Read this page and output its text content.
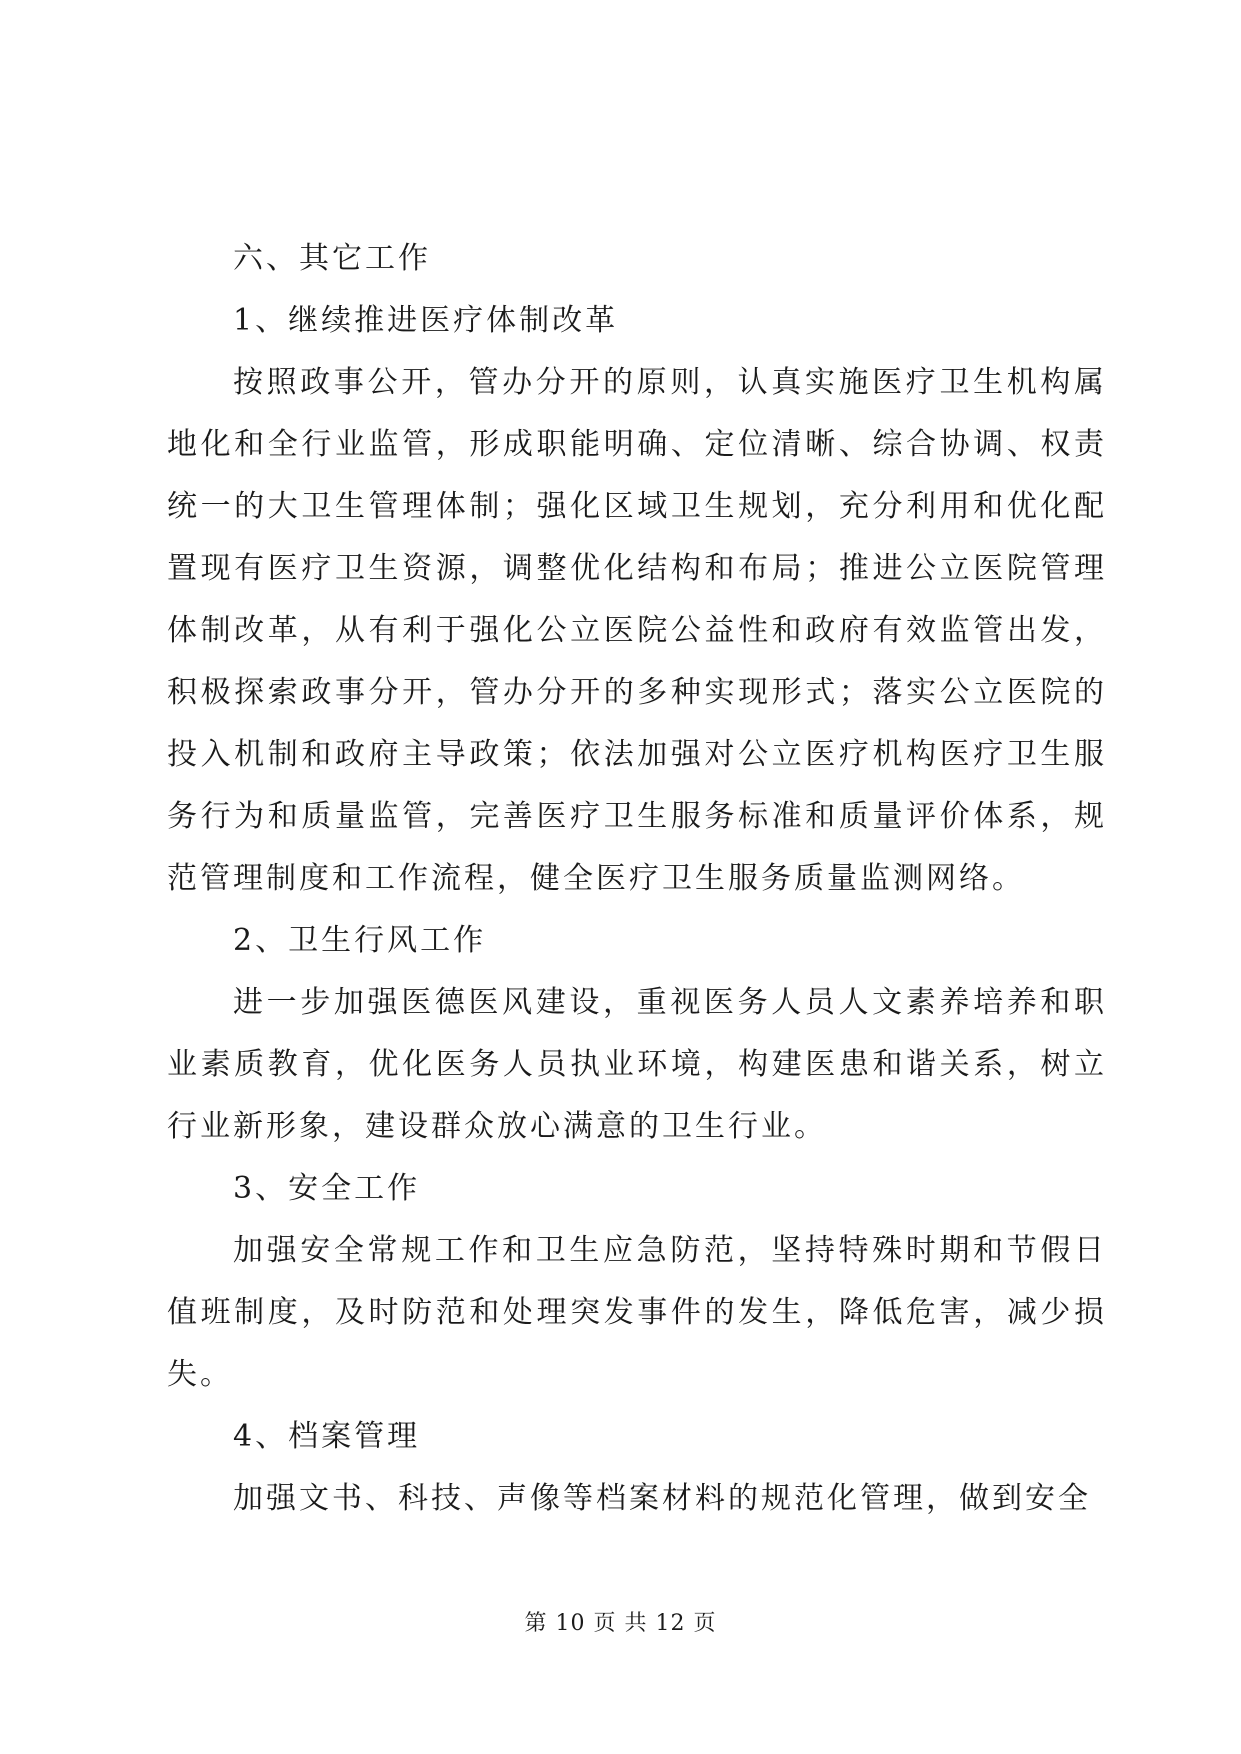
六、其它工作

1、继续推进医疗体制改革

按照政事公开，管办分开的原则，认真实施医疗卫生机构属地化和全行业监管，形成职能明确、定位清晰、综合协调、权责统一的大卫生管理体制；强化区域卫生规划，充分利用和优化配置现有医疗卫生资源，调整优化结构和布局；推进公立医院管理体制改革，从有利于强化公立医院公益性和政府有效监管出发，积极探索政事分开，管办分开的多种实现形式；落实公立医院的投入机制和政府主导政策；依法加强对公立医疗机构医疗卫生服务行为和质量监管，完善医疗卫生服务标准和质量评价体系，规范管理制度和工作流程，健全医疗卫生服务质量监测网络。

2、卫生行风工作

进一步加强医德医风建设，重视医务人员人文素养培养和职业素质教育，优化医务人员执业环境，构建医患和谐关系，树立行业新形象，建设群众放心满意的卫生行业。

3、安全工作

加强安全常规工作和卫生应急防范，坚持特殊时期和节假日值班制度，及时防范和处理突发事件的发生，降低危害，减少损失。

4、档案管理

加强文书、科技、声像等档案材料的规范化管理，做到安全

第 10 页 共 12 页
